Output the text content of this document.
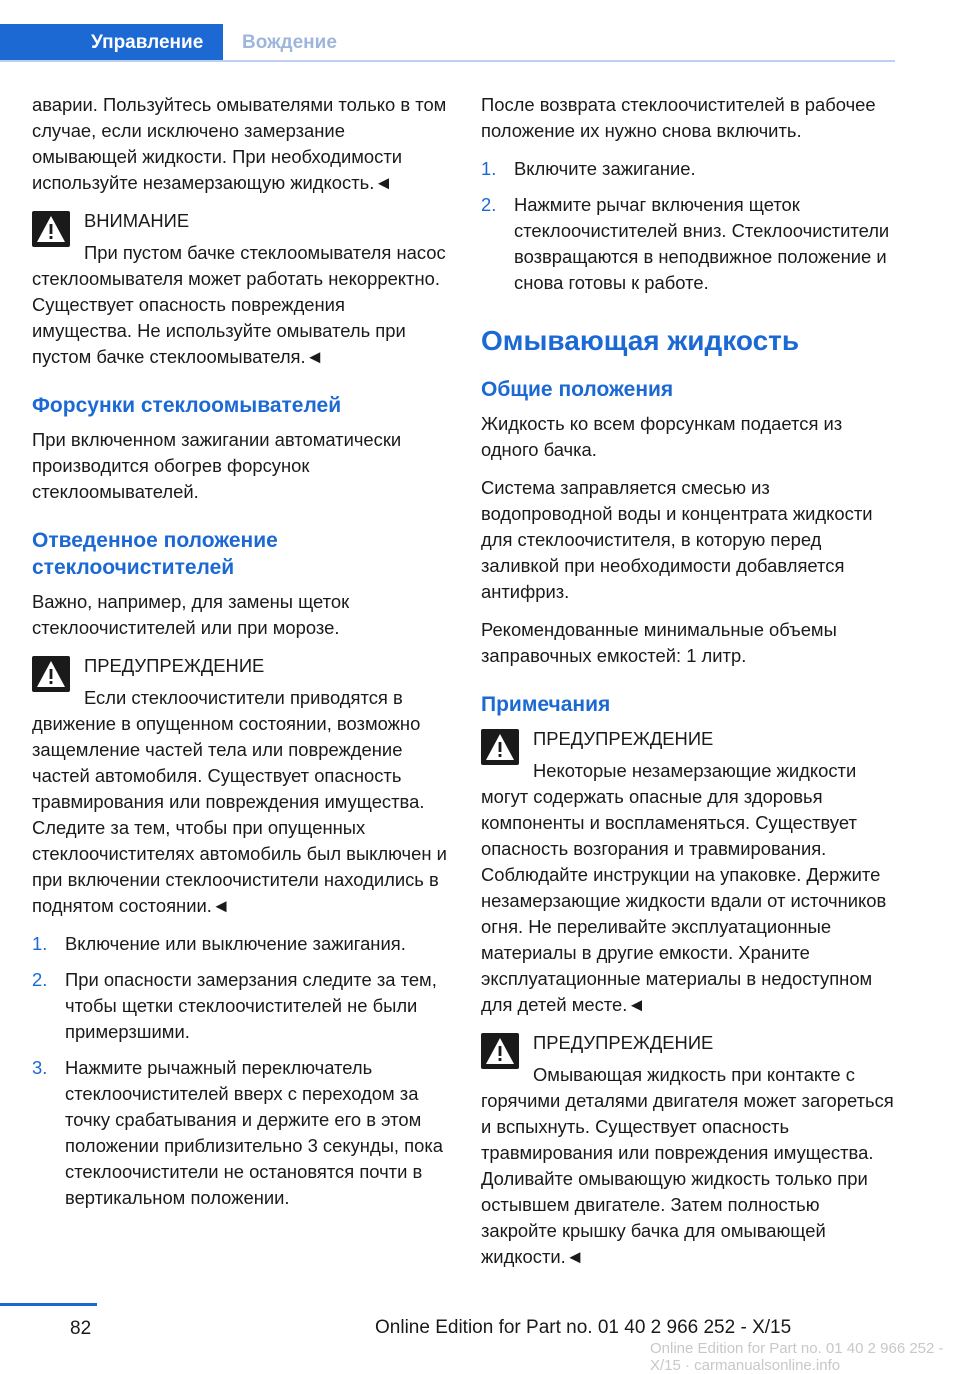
Управление	Вождение

аварии. Пользуйтесь омывателями только в том случае, если исключено замерзание омывающей жидкости. При необходимости используйте незамерзающую жидкость.◄

ВНИМАНИЕ
При пустом бачке стеклоомывателя насос стеклоомывателя может работать некорректно. Существует опасность повреждения имущества. Не используйте омыватель при пустом бачке стеклоомывателя.◄
Форсунки стеклоомывателей

При включенном зажигании автоматически производится обогрев форсунок стеклоомывателей.

Отведенное положение стеклоочистителей

Важно, например, для замены щеток стеклоочистителей или при морозе.

ПРЕДУПРЕЖДЕНИЕ
Если стеклоочистители приводятся в движение в опущенном состоянии, возможно защемление частей тела или повреждение частей автомобиля. Существует опасность травмирования или повреждения имущества. Следите за тем, чтобы при опущенных стеклоочистителях автомобиль был выключен и при включении стеклоочистители находились в поднятом состоянии.◄
1. Включение или выключение зажигания.
2. При опасности замерзания следите за тем, чтобы щетки стеклоочистителей не были примерзшими.
3. Нажмите рычажный переключатель стеклоочистителей вверх с переходом за точку срабатывания и держите его в этом положении приблизительно 3 секунды, пока стеклоочистители не остановятся почти в вертикальном положении.

После возврата стеклоочистителей в рабочее положение их нужно снова включить.

1. Включите зажигание.
2. Нажмите рычаг включения щеток стеклоочистителей вниз. Стеклоочистители возвращаются в неподвижное положение и снова готовы к работе.
Омывающая жидкость
Общие положения

Жидкость ко всем форсункам подается из одного бачка.

Система заправляется смесью из водопроводной воды и концентрата жидкости для стеклоочистителя, в которую перед заливкой при необходимости добавляется антифриз.

Рекомендованные минимальные объемы заправочных емкостей: 1 литр.

Примечания
ПРЕДУПРЕЖДЕНИЕ
Некоторые незамерзающие жидкости могут содержать опасные для здоровья компоненты и воспламеняться. Существует опасность возгорания и травмирования. Соблюдайте инструкции на упаковке. Держите незамерзающие жидкости вдали от источников огня. Не переливайте эксплуатационные материалы в другие емкости. Храните эксплуатационные материалы в недоступном для детей месте.◄
ПРЕДУПРЕЖДЕНИЕ
Омывающая жидкость при контакте с горячими деталями двигателя может загореться и вспыхнуть. Существует опасность травмирования или повреждения имущества. Доливайте омывающую жидкость только при остывшем двигателе. Затем полностью закройте крышку бачка для омывающей жидкости.◄
82	Online Edition for Part no. 01 40 2 966 252 - X/15
Online Edition for Part no. 01 40 2 966 252 - X/15 · carmanualsonline.info
